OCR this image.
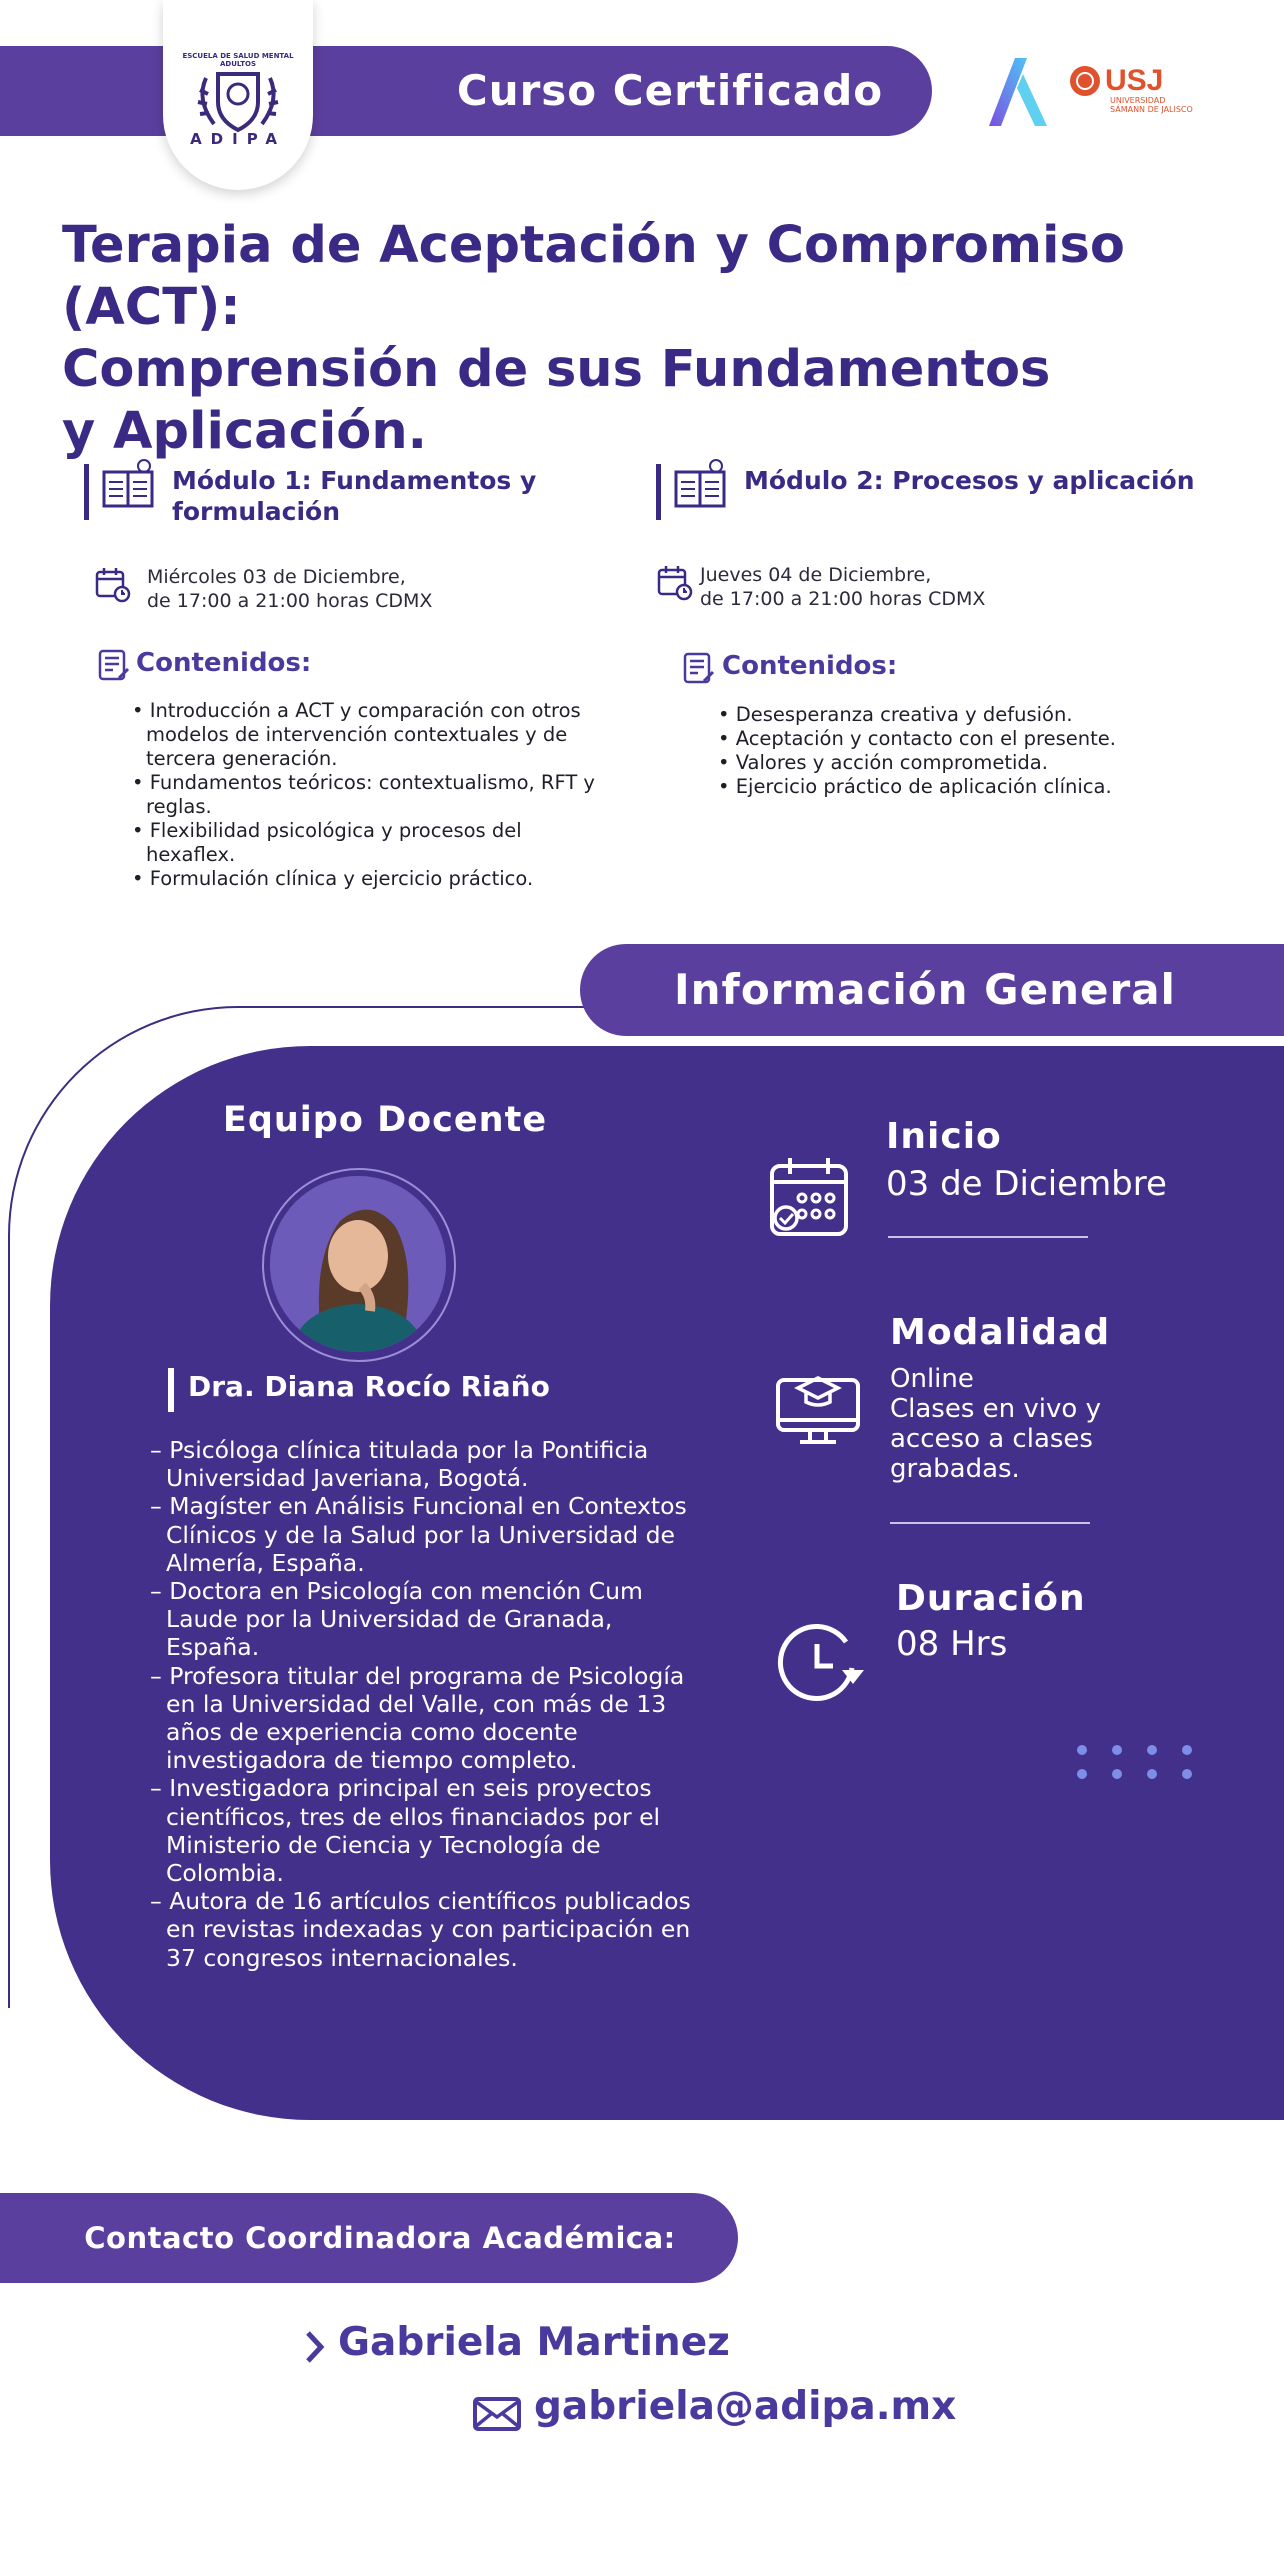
Curso Certificado
ESCUELA DE SALUD MENTAL ADULTOS
ADIPA
USJ
UNIVERSIDAD SÁMANN DE JALISCO
Terapia de Aceptación y Compromiso (ACT):
Comprensión de sus Fundamentos
y Aplicación.
Módulo 1: Fundamentos y
formulación
Miércoles 03 de Diciembre,
de 17:00 a 21:00 horas CDMX
Contenidos:
• Introducción a ACT y comparación con otros modelos de intervención contextuales y de tercera generación.
• Fundamentos teóricos: contextualismo, RFT y reglas.
• Flexibilidad psicológica y procesos del hexaflex.
• Formulación clínica y ejercicio práctico.
Módulo 2: Procesos y aplicación
Jueves 04 de Diciembre,
de 17:00 a 21:00 horas CDMX
Contenidos:
• Desesperanza creativa y defusión.
• Aceptación y contacto con el presente.
• Valores y acción comprometida.
• Ejercicio práctico de aplicación clínica.
Información General
Equipo Docente
Dra. Diana Rocío Riaño
– Psicóloga clínica titulada por la Pontificia Universidad Javeriana, Bogotá.
– Magíster en Análisis Funcional en Contextos Clínicos y de la Salud por la Universidad de Almería, España.
– Doctora en Psicología con mención Cum Laude por la Universidad de Granada, España.
– Profesora titular del programa de Psicología en la Universidad del Valle, con más de 13 años de experiencia como docente investigadora de tiempo completo.
– Investigadora principal en seis proyectos científicos, tres de ellos financiados por el Ministerio de Ciencia y Tecnología de Colombia.
– Autora de 16 artículos científicos publicados en revistas indexadas y con participación en 37 congresos internacionales.
Inicio
03 de Diciembre
Modalidad
Online
Clases en vivo y
acceso a clases
grabadas.
Duración
08 Hrs
Contacto Coordinadora Académica:
Gabriela Martinez
gabriela@adipa.mx
